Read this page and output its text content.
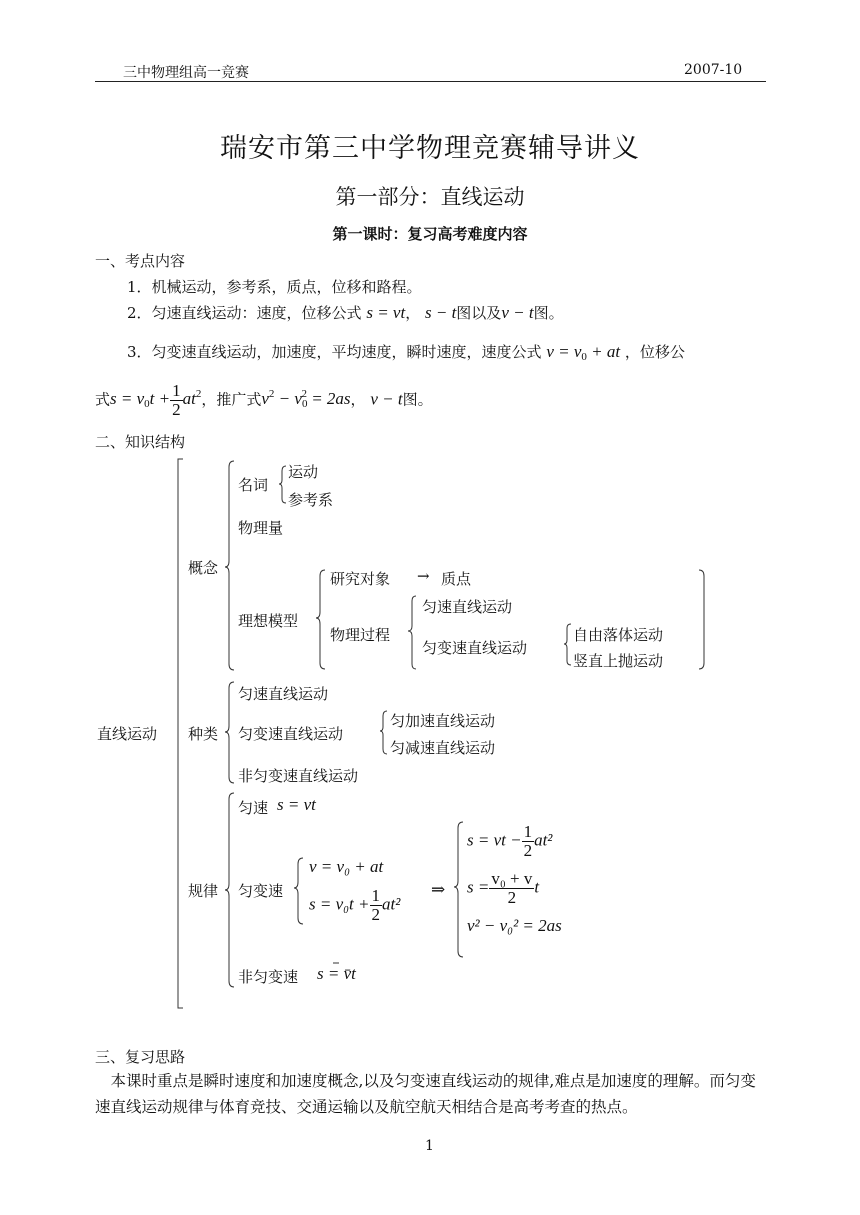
三中物理组高一竞赛	2007-10
瑞安市第三中学物理竞赛辅导讲义
第一部分：直线运动
第一课时：复习高考难度内容
一、考点内容
1．机械运动，参考系，质点，位移和路程。
2．匀速直线运动：速度，位移公式 s = vt， s − t图以及v − t图。
3．匀变速直线运动，加速度，平均速度，瞬时速度，速度公式 $v = v_0$ + at ，位移公
式$s = v_0t + \frac{1}{2} at^2$，推广式$v^2 - v_0^2 = 2as$， v − t图。
二、知识结构
直线运动
概念
名词
运动
参考系
物理量
理想模型
研究对象 → 质点
物理过程
匀速直线运动
匀变速直线运动
自由落体运动
竖直上抛运动
种类
匀速直线运动
匀变速直线运动
匀加速直线运动
匀减速直线运动
非匀变速直线运动
规律
匀速 s = vt
匀变速
v = v₀ + at
$s = v_0t + \frac{1}{2} at^2$
⇒
s = vt − $\frac{1}{2} at^2$
$s = \frac{\text{v₀ + v}}{2}$ t
v² − v₀² = 2as
非匀变速 s = v̄t
三、复习思路
本课时重点是瞬时速度和加速度概念,以及匀变速直线运动的规律,难点是加速度的理解。而匀变速直线运动规律与体育竞技、交通运输以及航空航天相结合是高考考查的热点。
1
